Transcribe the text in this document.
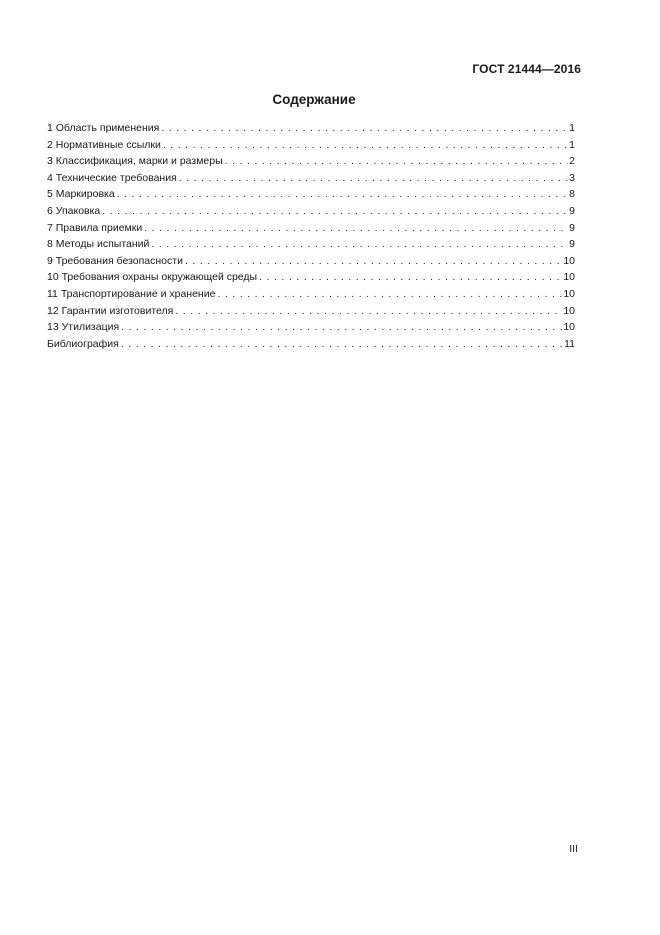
ГОСТ 21444—2016
Содержание
1 Область применения . . .	1
2 Нормативные ссылки . . .	1
3 Классификация, марки и размеры . . .	2
4 Технические требования . . .	3
5 Маркировка . . .	8
6 Упаковка . . .	9
7 Правила приемки . . .	9
8 Методы испытаний . . .	9
9 Требования безопасности . . .	10
10 Требования охраны окружающей среды . . .	10
11 Транспортирование и хранение . . .	10
12 Гарантии изготовителя . . .	10
13 Утилизация . . .	10
Библиография . . .	11
III
